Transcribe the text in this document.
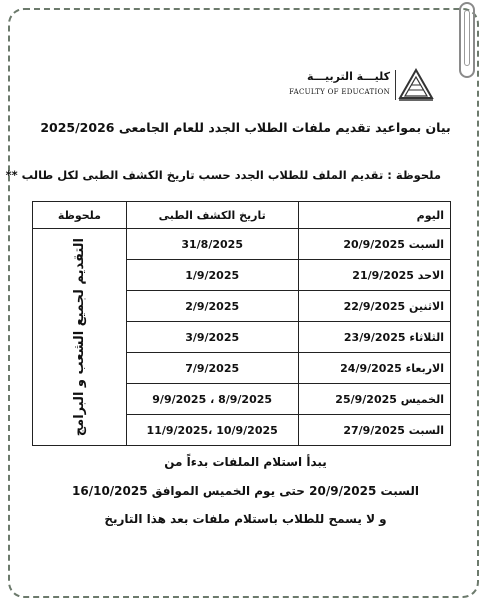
كليـــة التربيـــة
FACULTY OF EDUCATION
بيان بمواعيد تقديم ملفات الطلاب الجدد للعام الجامعى 2025/2026
ملحوظة : تقديم الملف للطلاب الجدد حسب تاريخ الكشف الطبى لكل طالب **
اليوم	تاريخ الكشف الطبى	ملحوظة
السبت 20/9/2025	31/8/2025	التقديم لجميع الشعب و البرامج

الاحد 21/9/2025	1/9/2025	
الاثنين 22/9/2025	2/9/2025	
الثلاثاء 23/9/2025	3/9/2025	
الاربعاء 24/9/2025	7/9/2025	
الخميس 25/9/2025	8/9/2025 ، 9/9/2025	
السبت 27/9/2025	10/9/2025 ،11/9/2025	
يبدأ استلام الملفات بدءاً من
السبت 20/9/2025 حتى يوم الخميس الموافق 16/10/2025
و لا يسمح للطلاب باستلام ملفات بعد هذا التاريخ
